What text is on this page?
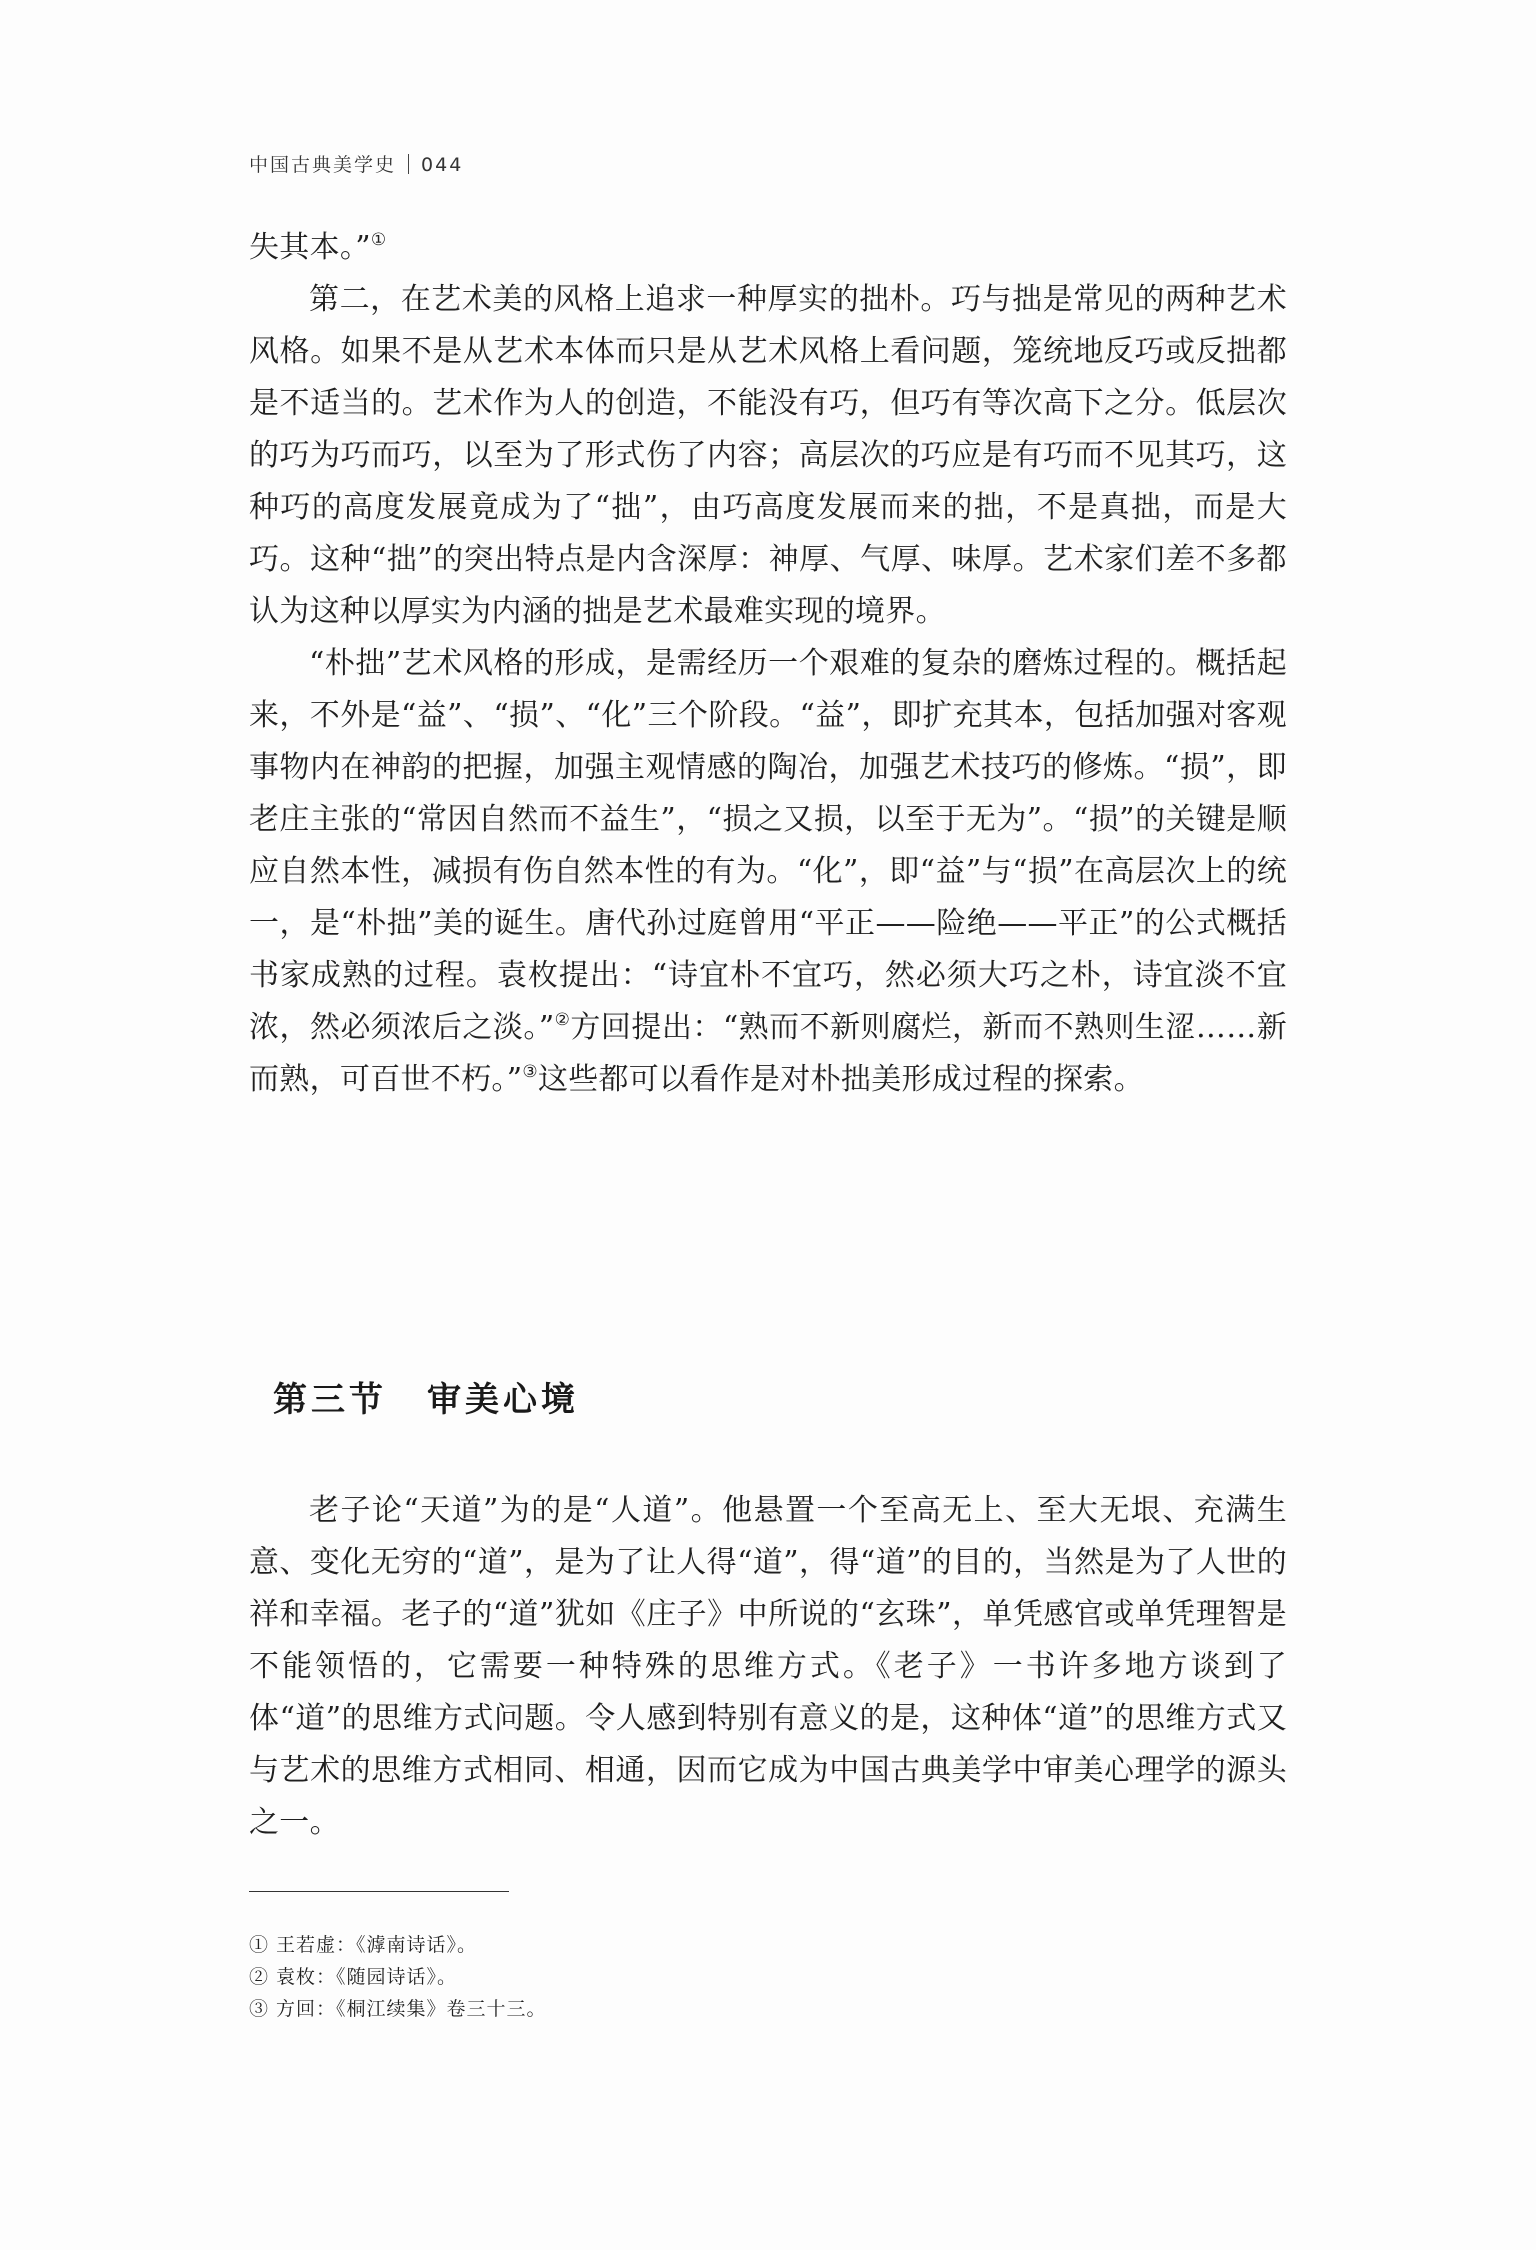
中国古典美学史 044

失其本。”①

第二，在艺术美的风格上追求一种厚实的拙朴。巧与拙是常见的两种艺术风格。如果不是从艺术本体而只是从艺术风格上看问题，笼统地反巧或反拙都是不适当的。艺术作为人的创造，不能没有巧，但巧有等次高下之分。低层次的巧为巧而巧，以至为了形式伤了内容；高层次的巧应是有巧而不见其巧，这种巧的高度发展竟成为了“拙”，由巧高度发展而来的拙，不是真拙，而是大巧。这种“拙”的突出特点是内含深厚：神厚、气厚、味厚。艺术家们差不多都认为这种以厚实为内涵的拙是艺术最难实现的境界。

“朴拙”艺术风格的形成，是需经历一个艰难的复杂的磨炼过程的。概括起来，不外是“益”、“损”、“化”三个阶段。“益”，即扩充其本，包括加强对客观事物内在神韵的把握，加强主观情感的陶冶，加强艺术技巧的修炼。“损”，即老庄主张的“常因自然而不益生”，“损之又损，以至于无为”。“损”的关键是顺应自然本性，减损有伤自然本性的有为。“化”，即“益”与“损”在高层次上的统一，是“朴拙”美的诞生。唐代孙过庭曾用“平正——险绝——平正”的公式概括书家成熟的过程。袁枚提出：“诗宜朴不宜巧，然必须大巧之朴，诗宜淡不宜浓，然必须浓后之淡。”②方回提出：“熟而不新则腐烂，新而不熟则生涩……新而熟，可百世不朽。”③这些都可以看作是对朴拙美形成过程的探索。

第三节 审美心境

老子论“天道”为的是“人道”。他悬置一个至高无上、至大无垠、充满生意、变化无穷的“道”，是为了让人得“道”，得“道”的目的，当然是为了人世的祥和幸福。老子的“道”犹如《庄子》中所说的“玄珠”，单凭感官或单凭理智是不能领悟的，它需要一种特殊的思维方式。《老子》一书许多地方谈到了体“道”的思维方式问题。令人感到特别有意义的是，这种体“道”的思维方式又与艺术的思维方式相同、相通，因而它成为中国古典美学中审美心理学的源头之一。

① 王若虚：《滹南诗话》。
② 袁枚：《随园诗话》。
③ 方回：《桐江续集》卷三十三。
